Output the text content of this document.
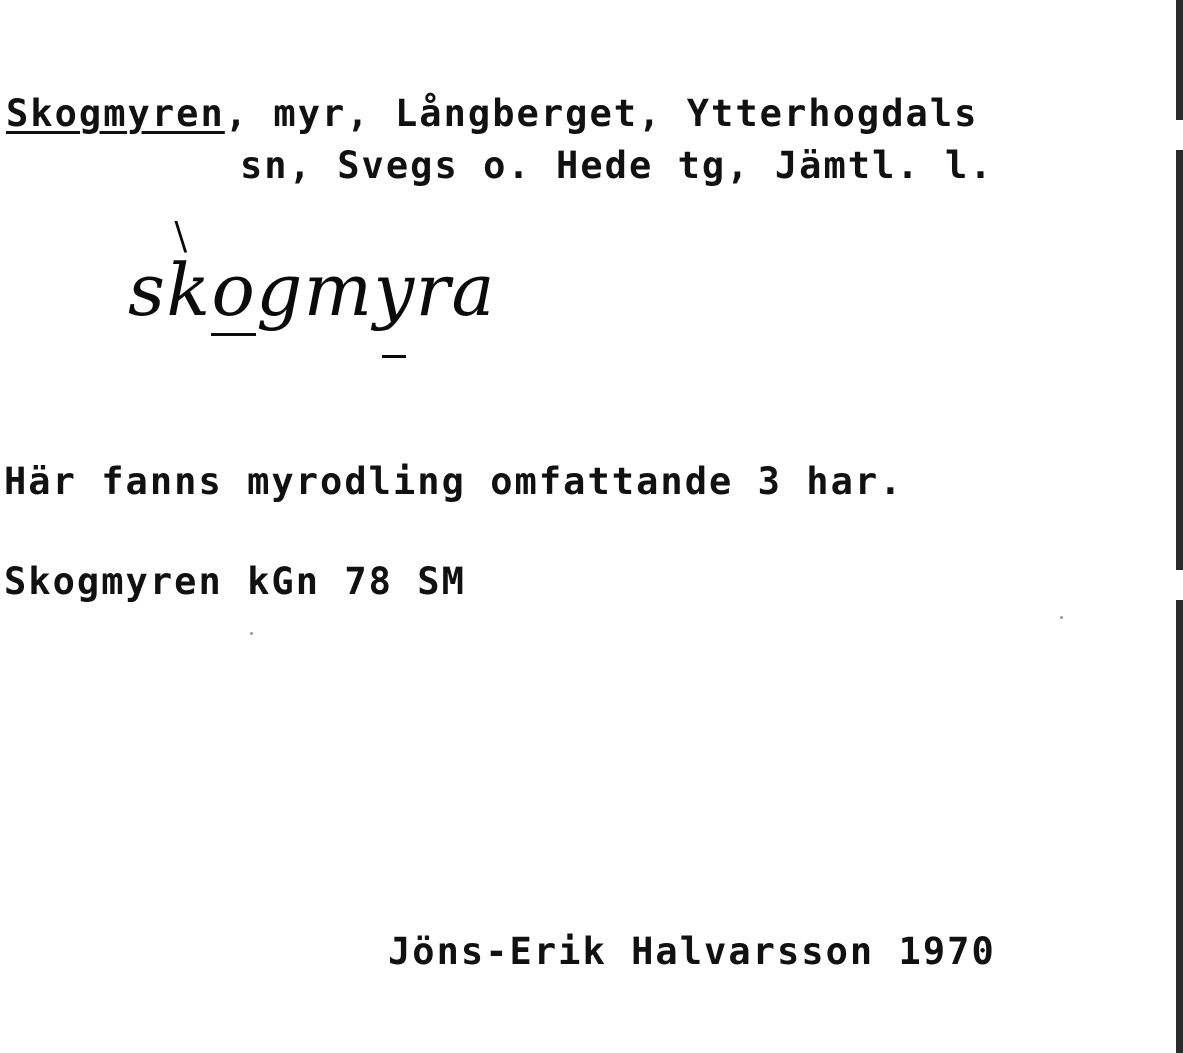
Skogmyren, myr, Långberget, Ytterhogdals
sn, Svegs o. Hede tg, Jämtl. l.
sk \ogmyra
Här fanns myrodling omfattande 3 har.
Skogmyren kGn 78 SM
Jöns-Erik Halvarsson 1970
